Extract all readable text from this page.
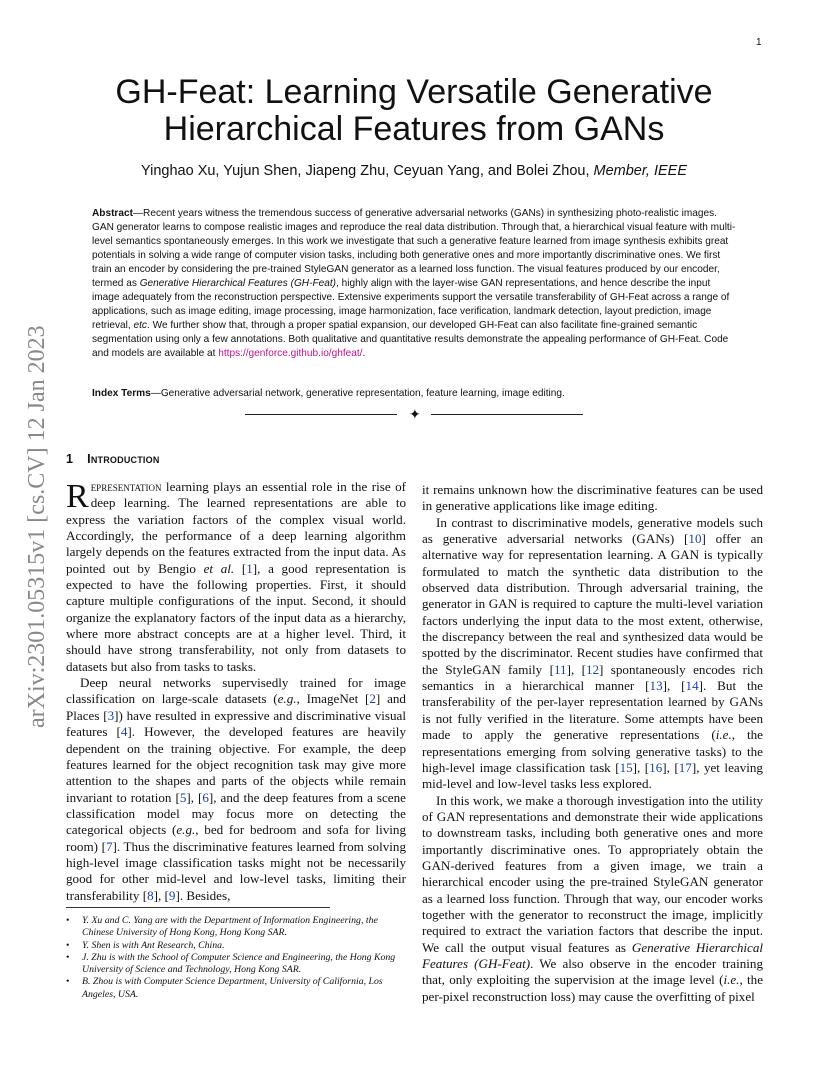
1
arXiv:2301.05315v1 [cs.CV] 12 Jan 2023
GH-Feat: Learning Versatile Generative
Hierarchical Features from GANs
Yinghao Xu, Yujun Shen, Jiapeng Zhu, Ceyuan Yang, and Bolei Zhou, Member, IEEE
Abstract—Recent years witness the tremendous success of generative adversarial networks (GANs) in synthesizing photo-realistic images. GAN generator learns to compose realistic images and reproduce the real data distribution. Through that, a hierarchical visual feature with multi-level semantics spontaneously emerges. In this work we investigate that such a generative feature learned from image synthesis exhibits great potentials in solving a wide range of computer vision tasks, including both generative ones and more importantly discriminative ones. We first train an encoder by considering the pre-trained StyleGAN generator as a learned loss function. The visual features produced by our encoder, termed as Generative Hierarchical Features (GH-Feat), highly align with the layer-wise GAN representations, and hence describe the input image adequately from the reconstruction perspective. Extensive experiments support the versatile transferability of GH-Feat across a range of applications, such as image editing, image processing, image harmonization, face verification, landmark detection, layout prediction, image retrieval, etc. We further show that, through a proper spatial expansion, our developed GH-Feat can also facilitate fine-grained semantic segmentation using only a few annotations. Both qualitative and quantitative results demonstrate the appealing performance of GH-Feat. Code and models are available at https://genforce.github.io/ghfeat/.
Index Terms—Generative adversarial network, generative representation, feature learning, image editing.
✦
1 Introduction

Representation learning plays an essential role in the rise of deep learning. The learned representations are able to express the variation factors of the complex visual world. Accordingly, the performance of a deep learning algorithm largely depends on the features extracted from the input data. As pointed out by Bengio et al. [1], a good representation is expected to have the following properties. First, it should capture multiple configurations of the input. Second, it should organize the explanatory factors of the input data as a hierarchy, where more abstract concepts are at a higher level. Third, it should have strong transferability, not only from datasets to datasets but also from tasks to tasks.

Deep neural networks supervisedly trained for image classification on large-scale datasets (e.g., ImageNet [2] and Places [3]) have resulted in expressive and discriminative visual features [4]. However, the developed features are heavily dependent on the training objective. For example, the deep features learned for the object recognition task may give more attention to the shapes and parts of the objects while remain invariant to rotation [5], [6], and the deep features from a scene classification model may focus more on detecting the categorical objects (e.g., bed for bedroom and sofa for living room) [7]. Thus the discriminative features learned from solving high-level image classification tasks might not be necessarily good for other mid-level and low-level tasks, limiting their transferability [8], [9]. Besides,

• Y. Xu and C. Yang are with the Department of Information Engineering, the Chinese University of Hong Kong, Hong Kong SAR.
• Y. Shen is with Ant Research, China.
• J. Zhu is with the School of Computer Science and Engineering, the Hong Kong University of Science and Technology, Hong Kong SAR.
• B. Zhou is with Computer Science Department, University of California, Los Angeles, USA.

it remains unknown how the discriminative features can be used in generative applications like image editing.

In contrast to discriminative models, generative models such as generative adversarial networks (GANs) [10] offer an alternative way for representation learning. A GAN is typically formulated to match the synthetic data distribution to the observed data distribution. Through adversarial training, the generator in GAN is required to capture the multi-level variation factors underlying the input data to the most extent, otherwise, the discrepancy between the real and synthesized data would be spotted by the discriminator. Recent studies have confirmed that the StyleGAN family [11], [12] spontaneously encodes rich semantics in a hierarchical manner [13], [14]. But the transferability of the per-layer representation learned by GANs is not fully verified in the literature. Some attempts have been made to apply the generative representations (i.e., the representations emerging from solving generative tasks) to the high-level image classification task [15], [16], [17], yet leaving mid-level and low-level tasks less explored.

In this work, we make a thorough investigation into the utility of GAN representations and demonstrate their wide applications to downstream tasks, including both generative ones and more importantly discriminative ones. To appropriately obtain the GAN-derived features from a given image, we train a hierarchical encoder using the pre-trained StyleGAN generator as a learned loss function. Through that way, our encoder works together with the generator to reconstruct the image, implicitly required to extract the variation factors that describe the input. We call the output visual features as Generative Hierarchical Features (GH-Feat). We also observe in the encoder training that, only exploiting the supervision at the image level (i.e., the per-pixel reconstruction loss) may cause the overfitting of pixel
